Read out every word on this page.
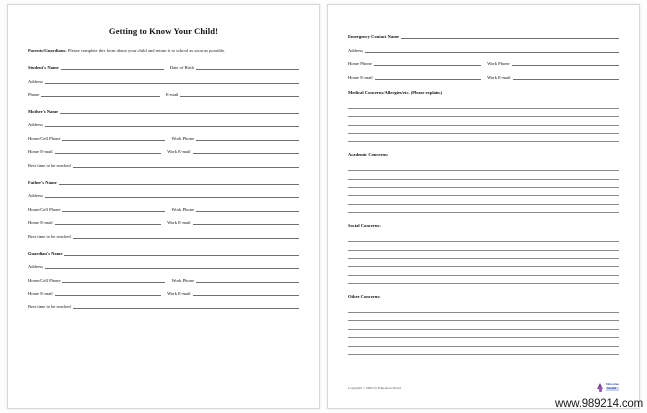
Getting to Know Your Child!

Parents/Guardians: Please complete this form about your child and return it to school as soon as possible.

Student's Name	Date of Birth
Address
Phone	E-mail
Mother's Name
Address
Home/Cell Phone	Work Phone
Home E-mail	Work E-mail
Best time to be reached
Father's Name
Address
Home/Cell Phone	Work Phone
Home E-mail	Work E-mail
Best time to be reached
Guardian's Name
Address
Home/Cell Phone	Work Phone
Home E-mail	Work E-mail
Best time to be reached
Emergency Contact Name
Address
Home Phone	Work Phone
Home E-mail	Work E-mail
Medical Concerns/Allergies/etc. (Please explain.)
Academic Concerns:
Social Concerns:
Other Concerns:
Copyright © 2005 by Education World
Education
World
www.989214.com
